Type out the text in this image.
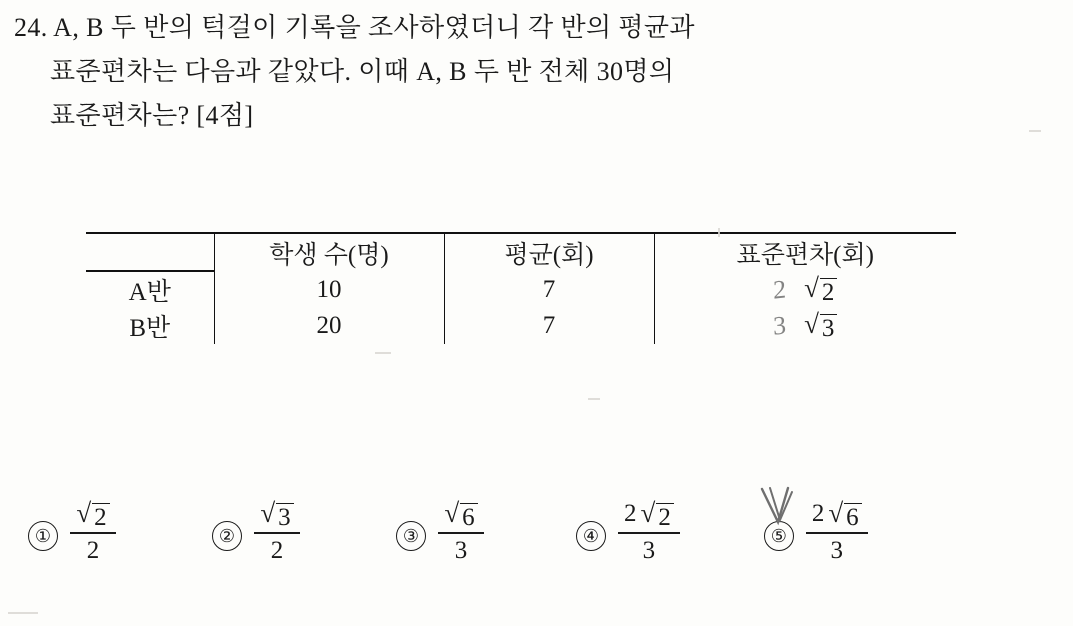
24. A, B 두 반의 턱걸이 기록을 조사하였더니 각 반의 평균과
표준편차는 다음과 같았다. 이때 A, B 두 반 전체 30명의
표준편차는? [4점]
	학생 수(명)	평균(회)	표준편차(회)
A반	10	7	2 √ 2

B반	20	7	3 √ 3
① $\frac{√ 2}{2}$	② $\frac{√ 3}{2}$	③ $\frac{√ 6}{3}$	④ $\frac{2 √ 2}{3}$	⑤ $\frac{2 √ 6}{3}$
